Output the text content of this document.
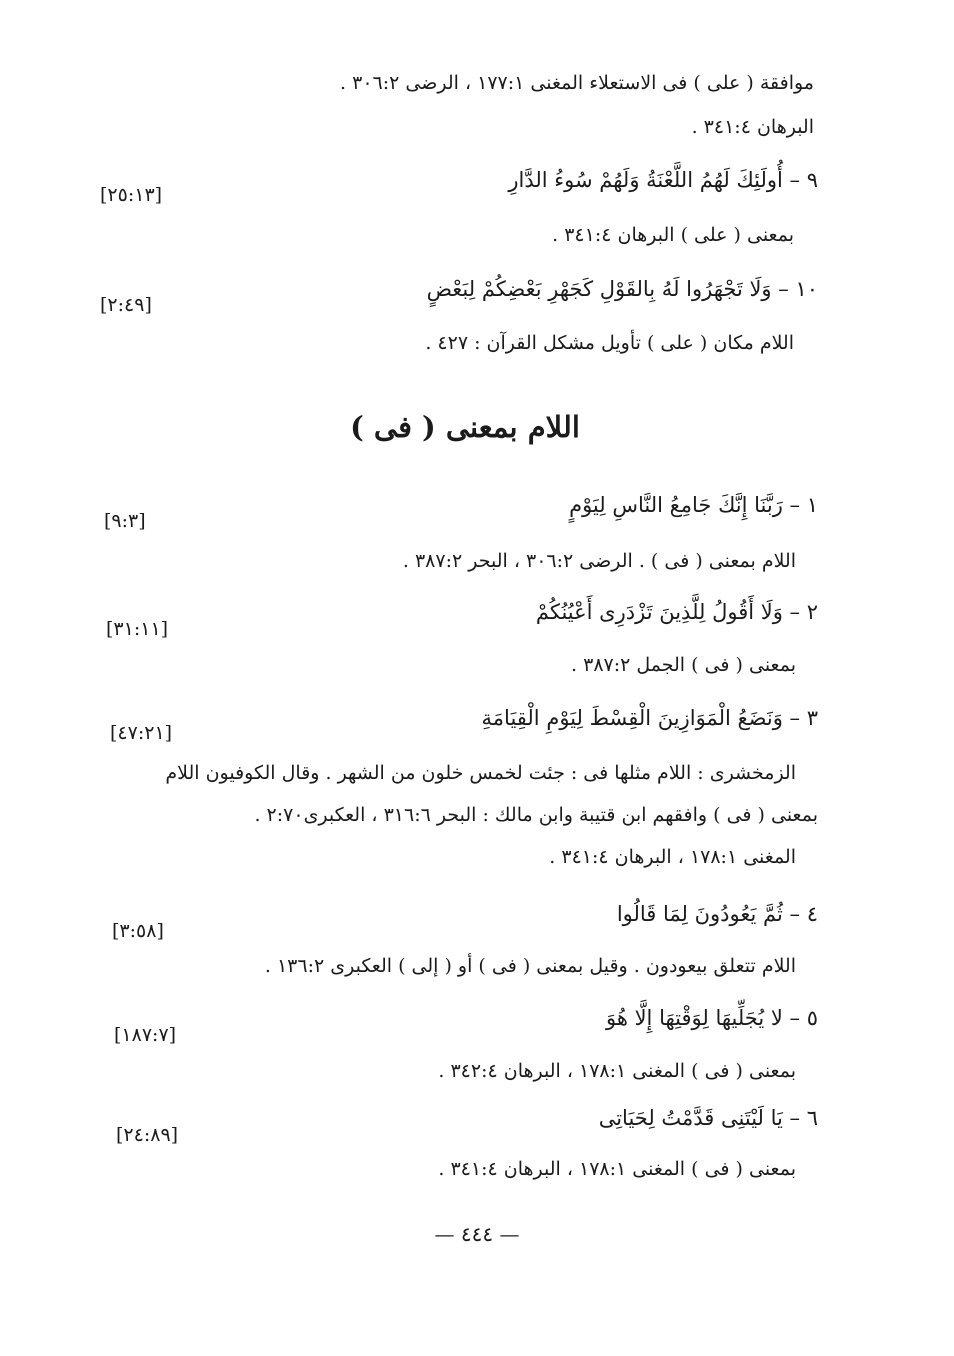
موافقة ( على ) فى الاستعلاء المغنى ١٧٧:١ ، الرضى ٣٠٦:٢ .
البرهان ٣٤١:٤ .
٩ – أُولَئِكَ لَهُمُ اللَّعْنَةُ وَلَهُمْ سُوءُ الدَّارِ
[٢٥:١٣]
بمعنى ( على ) البرهان ٣٤١:٤ .
١٠ – وَلَا تَجْهَرُوا لَهُ بِالقَوْلِ كَجَهْرِ بَعْضِكُمْ لِبَعْضٍ
[٢:٤٩]
اللام مكان ( على ) تأويل مشكل القرآن : ٤٢٧ .
اللام بمعنى ( فى )
١ – رَبَّنَا إِنَّكَ جَامِعُ النَّاسِ لِيَوْمٍ
[٩:٣]
اللام بمعنى ( فى ) . الرضى ٣٠٦:٢ ، البحر ٣٨٧:٢ .
٢ – وَلَا أَقُولُ لِلَّذِينَ تَزْدَرِى أَعْيُنُكُمْ
[٣١:١١]
بمعنى ( فى ) الجمل ٣٨٧:٢ .
٣ – وَنَضَعُ الْمَوَازِينَ الْقِسْطَ لِيَوْمِ الْقِيَامَةِ
[٤٧:٢١]
الزمخشرى : اللام مثلها فى : جئت لخمس خلون من الشهر . وقال الكوفيون اللام
بمعنى ( فى ) وافقهم ابن قتيبة وابن مالك : البحر ٣١٦:٦ ، العكبرى٢:٧٠ .
المغنى ١٧٨:١ ، البرهان ٣٤١:٤ .
٤ – ثُمَّ يَعُودُونَ لِمَا قَالُوا
[٣:٥٨]
اللام تتعلق بيعودون . وقيل بمعنى ( فى ) أو ( إلى ) العكبرى ١٣٦:٢ .
٥ – لا يُجَلِّيهَا لِوَقْتِهَا إِلَّا هُوَ
[١٨٧:٧]
بمعنى ( فى ) المغنى ١٧٨:١ ، البرهان ٣٤٢:٤ .
٦ – يَا لَيْتَنِى قَدَّمْتُ لِحَيَاتِى
[٢٤:٨٩]
بمعنى ( فى ) المغنى ١٧٨:١ ، البرهان ٣٤١:٤ .
— ٤٤٤ —
